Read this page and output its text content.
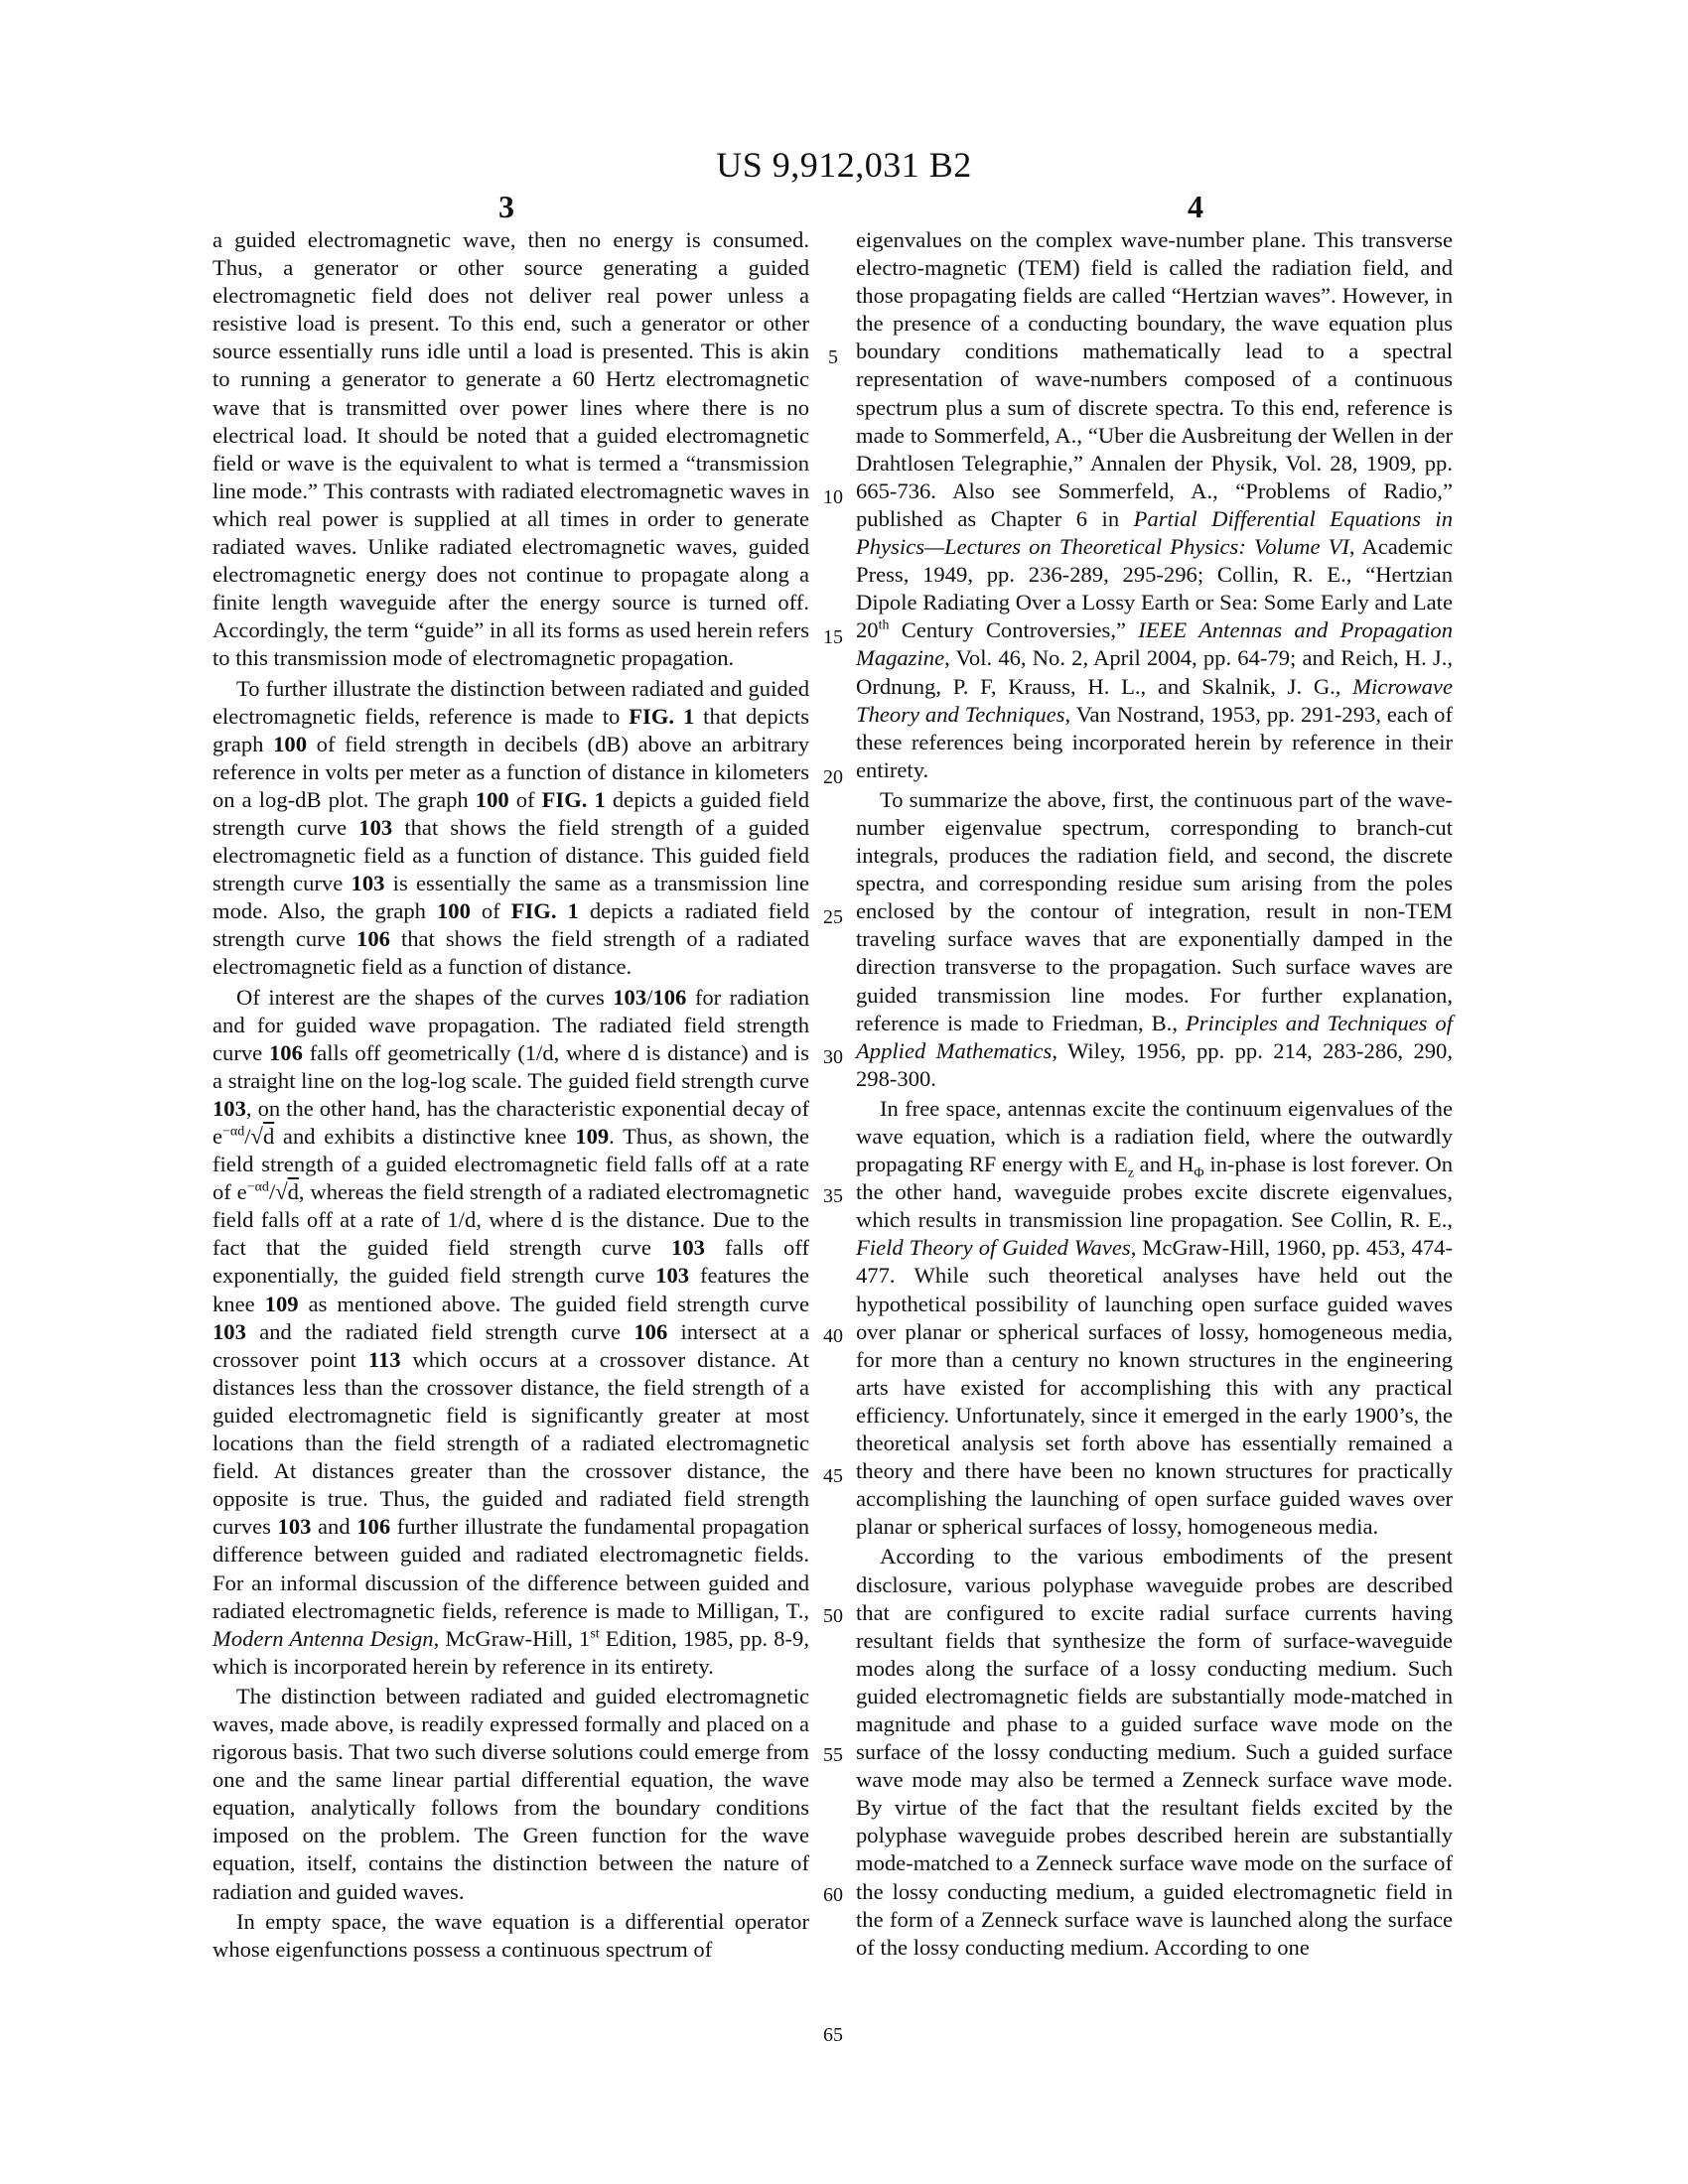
US 9,912,031 B2
3	4

a guided electromagnetic wave, then no energy is consumed. Thus, a generator or other source generating a guided electromagnetic field does not deliver real power unless a resistive load is present. To this end, such a generator or other source essentially runs idle until a load is presented. This is akin to running a generator to generate a 60 Hertz electromagnetic wave that is transmitted over power lines where there is no electrical load. It should be noted that a guided electromagnetic field or wave is the equivalent to what is termed a “transmission line mode.” This contrasts with radiated electromagnetic waves in which real power is supplied at all times in order to generate radiated waves. Unlike radiated electromagnetic waves, guided electromagnetic energy does not continue to propagate along a finite length waveguide after the energy source is turned off. Accordingly, the term “guide” in all its forms as used herein refers to this transmission mode of electromagnetic propagation.

To further illustrate the distinction between radiated and guided electromagnetic fields, reference is made to FIG. 1 that depicts graph 100 of field strength in decibels (dB) above an arbitrary reference in volts per meter as a function of distance in kilometers on a log-dB plot. The graph 100 of FIG. 1 depicts a guided field strength curve 103 that shows the field strength of a guided electromagnetic field as a function of distance. This guided field strength curve 103 is essentially the same as a transmission line mode. Also, the graph 100 of FIG. 1 depicts a radiated field strength curve 106 that shows the field strength of a radiated electromagnetic field as a function of distance.

Of interest are the shapes of the curves 103/106 for radiation and for guided wave propagation. The radiated field strength curve 106 falls off geometrically (1/d, where d is distance) and is a straight line on the log-log scale. The guided field strength curve 103, on the other hand, has the characteristic exponential decay of $e^{-\alpha d}/√d$ and exhibits a distinctive knee 109. Thus, as shown, the field strength of a guided electromagnetic field falls off at a rate of $e^{-\alpha d}/√d$, whereas the field strength of a radiated electromagnetic field falls off at a rate of 1/d, where d is the distance. Due to the fact that the guided field strength curve 103 falls off exponentially, the guided field strength curve 103 features the knee 109 as mentioned above. The guided field strength curve 103 and the radiated field strength curve 106 intersect at a crossover point 113 which occurs at a crossover distance. At distances less than the crossover distance, the field strength of a guided electromagnetic field is significantly greater at most locations than the field strength of a radiated electromagnetic field. At distances greater than the crossover distance, the opposite is true. Thus, the guided and radiated field strength curves 103 and 106 further illustrate the fundamental propagation difference between guided and radiated electromagnetic fields. For an informal discussion of the difference between guided and radiated electromagnetic fields, reference is made to Milligan, T., Modern Antenna Design, McGraw-Hill, 1st Edition, 1985, pp. 8-9, which is incorporated herein by reference in its entirety.

The distinction between radiated and guided electromagnetic waves, made above, is readily expressed formally and placed on a rigorous basis. That two such diverse solutions could emerge from one and the same linear partial differential equation, the wave equation, analytically follows from the boundary conditions imposed on the problem. The Green function for the wave equation, itself, contains the distinction between the nature of radiation and guided waves.

In empty space, the wave equation is a differential operator whose eigenfunctions possess a continuous spectrum of

eigenvalues on the complex wave-number plane. This transverse electro-magnetic (TEM) field is called the radiation field, and those propagating fields are called “Hertzian waves”. However, in the presence of a conducting boundary, the wave equation plus boundary conditions mathematically lead to a spectral representation of wave-numbers composed of a continuous spectrum plus a sum of discrete spectra. To this end, reference is made to Sommerfeld, A., “Uber die Ausbreitung der Wellen in der Drahtlosen Telegraphie,” Annalen der Physik, Vol. 28, 1909, pp. 665-736. Also see Sommerfeld, A., “Problems of Radio,” published as Chapter 6 in Partial Differential Equations in Physics—Lectures on Theoretical Physics: Volume VI, Academic Press, 1949, pp. 236-289, 295-296; Collin, R. E., “Hertzian Dipole Radiating Over a Lossy Earth or Sea: Some Early and Late 20th Century Controversies,” IEEE Antennas and Propagation Magazine, Vol. 46, No. 2, April 2004, pp. 64-79; and Reich, H. J., Ordnung, P. F, Krauss, H. L., and Skalnik, J. G., Microwave Theory and Techniques, Van Nostrand, 1953, pp. 291-293, each of these references being incorporated herein by reference in their entirety.

To summarize the above, first, the continuous part of the wave-number eigenvalue spectrum, corresponding to branch-cut integrals, produces the radiation field, and second, the discrete spectra, and corresponding residue sum arising from the poles enclosed by the contour of integration, result in non-TEM traveling surface waves that are exponentially damped in the direction transverse to the propagation. Such surface waves are guided transmission line modes. For further explanation, reference is made to Friedman, B., Principles and Techniques of Applied Mathematics, Wiley, 1956, pp. pp. 214, 283-286, 290, 298-300.

In free space, antennas excite the continuum eigenvalues of the wave equation, which is a radiation field, where the outwardly propagating RF energy with $E_z$ and $H_\Phi$ in-phase is lost forever. On the other hand, waveguide probes excite discrete eigenvalues, which results in transmission line propagation. See Collin, R. E., Field Theory of Guided Waves, McGraw-Hill, 1960, pp. 453, 474-477. While such theoretical analyses have held out the hypothetical possibility of launching open surface guided waves over planar or spherical surfaces of lossy, homogeneous media, for more than a century no known structures in the engineering arts have existed for accomplishing this with any practical efficiency. Unfortunately, since it emerged in the early 1900’s, the theoretical analysis set forth above has essentially remained a theory and there have been no known structures for practically accomplishing the launching of open surface guided waves over planar or spherical surfaces of lossy, homogeneous media.

According to the various embodiments of the present disclosure, various polyphase waveguide probes are described that are configured to excite radial surface currents having resultant fields that synthesize the form of surface-waveguide modes along the surface of a lossy conducting medium. Such guided electromagnetic fields are substantially mode-matched in magnitude and phase to a guided surface wave mode on the surface of the lossy conducting medium. Such a guided surface wave mode may also be termed a Zenneck surface wave mode. By virtue of the fact that the resultant fields excited by the polyphase waveguide probes described herein are substantially mode-matched to a Zenneck surface wave mode on the surface of the lossy conducting medium, a guided electromagnetic field in the form of a Zenneck surface wave is launched along the surface of the lossy conducting medium. According to one

5
10
15
20
25
30
35
40
45
50
55
60
65
